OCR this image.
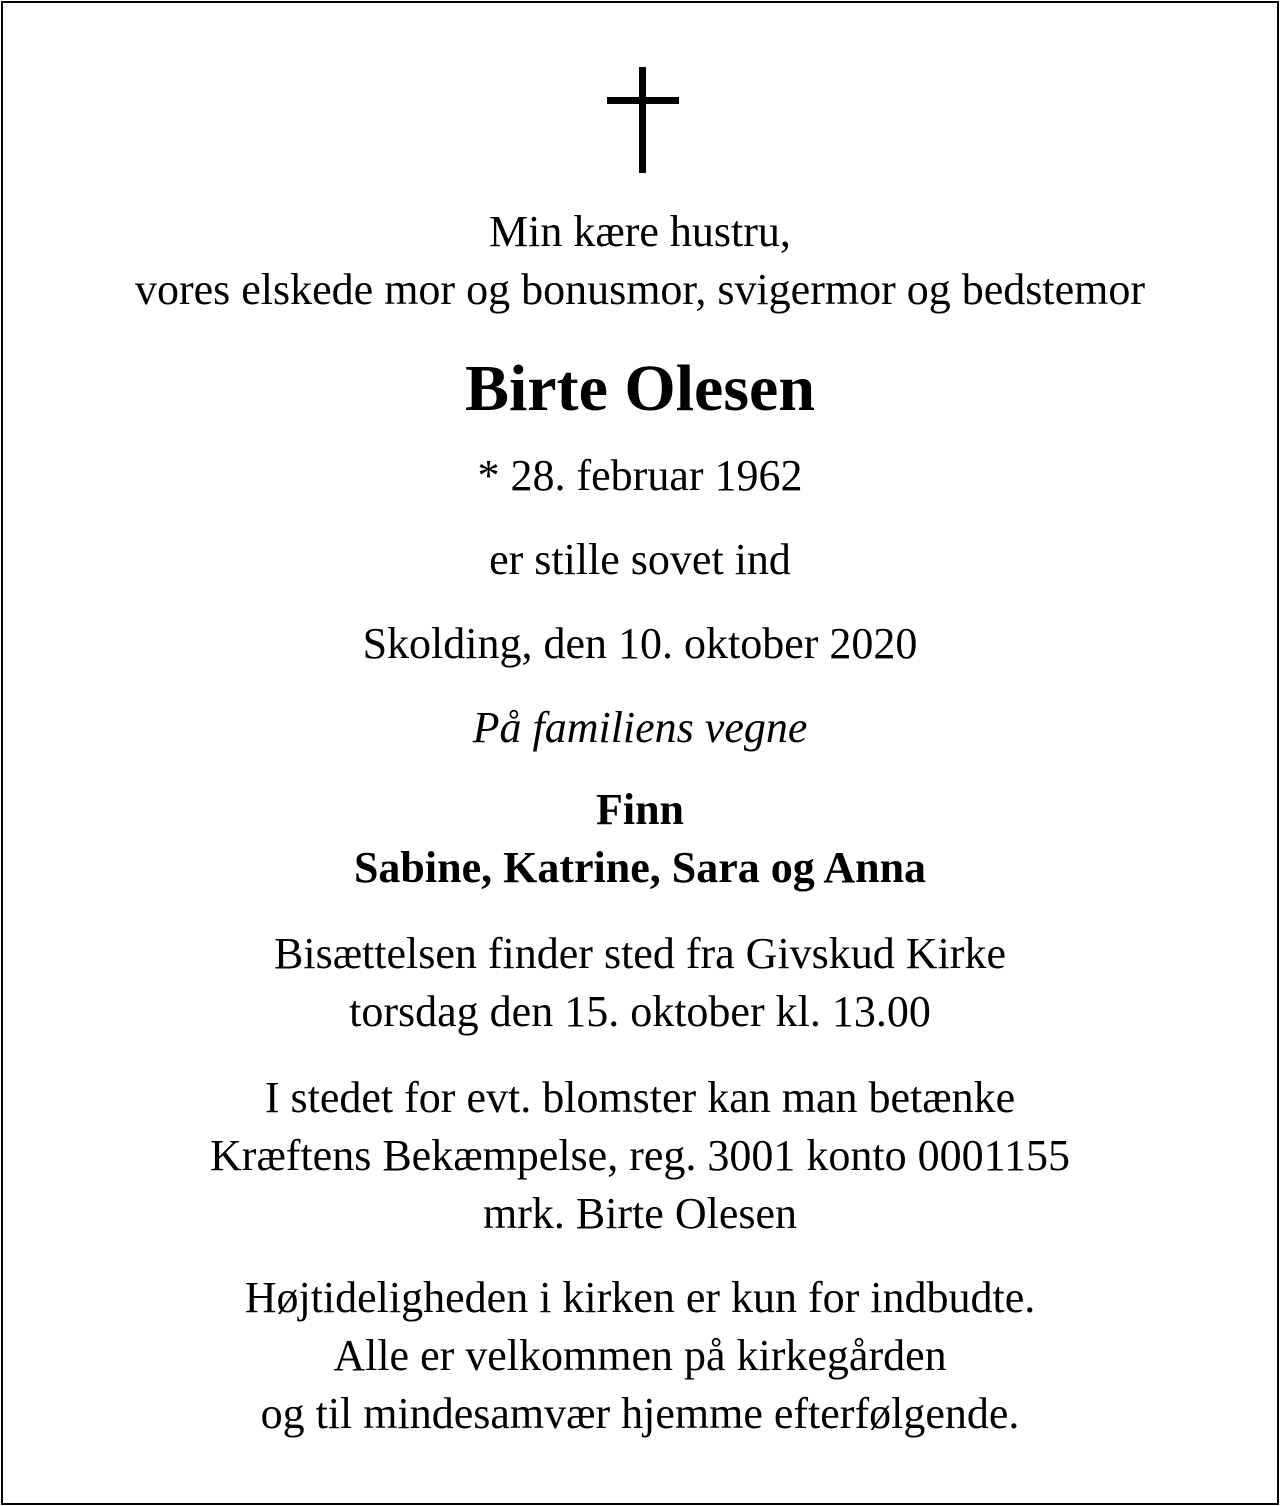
Min kære hustru,
vores elskede mor og bonusmor, svigermor og bedstemor
Birte Olesen
* 28. februar 1962
er stille sovet ind
Skolding, den 10. oktober 2020
På familiens vegne
Finn
Sabine, Katrine, Sara og Anna
Bisættelsen finder sted fra Givskud Kirke
torsdag den 15. oktober kl. 13.00
I stedet for evt. blomster kan man betænke
Kræftens Bekæmpelse, reg. 3001 konto 0001155
mrk. Birte Olesen
Højtideligheden i kirken er kun for indbudte.
Alle er velkommen på kirkegården
og til mindesamvær hjemme efterfølgende.
